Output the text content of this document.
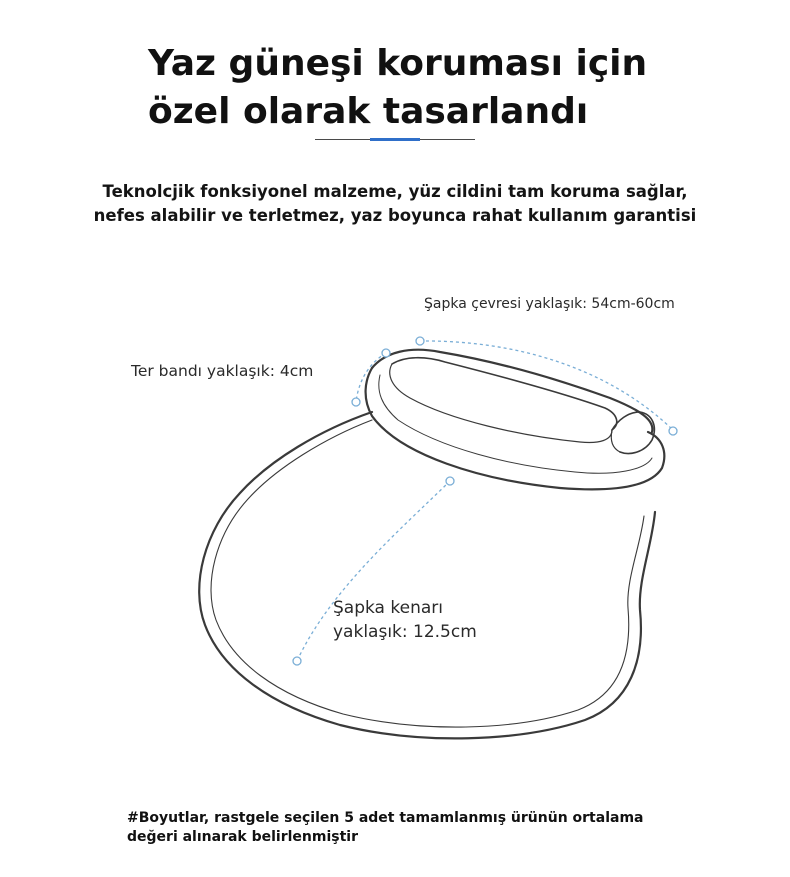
Yaz güneşi koruması için
özel olarak tasarlandı
Teknolcjik fonksiyonel malzeme, yüz cildini tam koruma sağlar,
nefes alabilir ve terletmez, yaz boyunca rahat kullanım garantisi
Şapka çevresi yaklaşık: 54cm-60cm
Ter bandı yaklaşık: 4cm
Şapka kenarı
yaklaşık: 12.5cm
#Boyutlar, rastgele seçilen 5 adet tamamlanmış ürünün ortalama
değeri alınarak belirlenmiştir
